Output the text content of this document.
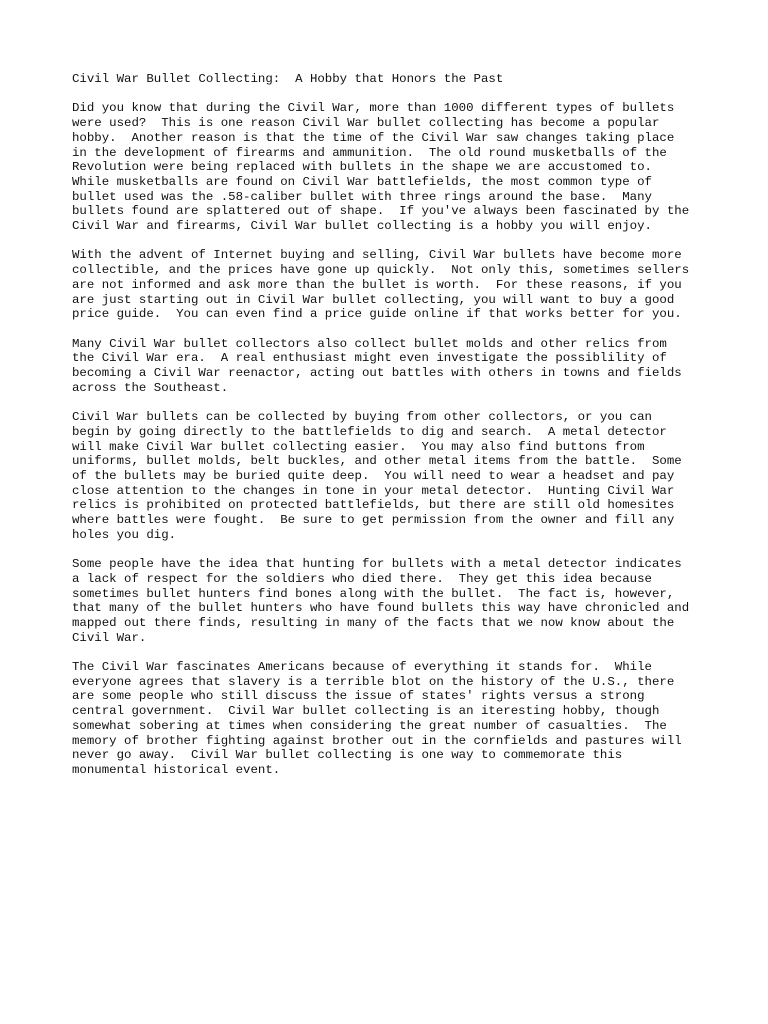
Civil War Bullet Collecting:  A Hobby that Honors the Past
Did you know that during the Civil War, more than 1000 different types of bullets
were used?  This is one reason Civil War bullet collecting has become a popular
hobby.  Another reason is that the time of the Civil War saw changes taking place
in the development of firearms and ammunition.  The old round musketballs of the
Revolution were being replaced with bullets in the shape we are accustomed to.
While musketballs are found on Civil War battlefields, the most common type of
bullet used was the .58-caliber bullet with three rings around the base.  Many
bullets found are splattered out of shape.  If you've always been fascinated by the
Civil War and firearms, Civil War bullet collecting is a hobby you will enjoy.
With the advent of Internet buying and selling, Civil War bullets have become more
collectible, and the prices have gone up quickly.  Not only this, sometimes sellers
are not informed and ask more than the bullet is worth.  For these reasons, if you
are just starting out in Civil War bullet collecting, you will want to buy a good
price guide.  You can even find a price guide online if that works better for you.
Many Civil War bullet collectors also collect bullet molds and other relics from
the Civil War era.  A real enthusiast might even investigate the possiblility of
becoming a Civil War reenactor, acting out battles with others in towns and fields
across the Southeast.
Civil War bullets can be collected by buying from other collectors, or you can
begin by going directly to the battlefields to dig and search.  A metal detector
will make Civil War bullet collecting easier.  You may also find buttons from
uniforms, bullet molds, belt buckles, and other metal items from the battle.  Some
of the bullets may be buried quite deep.  You will need to wear a headset and pay
close attention to the changes in tone in your metal detector.  Hunting Civil War
relics is prohibited on protected battlefields, but there are still old homesites
where battles were fought.  Be sure to get permission from the owner and fill any
holes you dig.
Some people have the idea that hunting for bullets with a metal detector indicates
a lack of respect for the soldiers who died there.  They get this idea because
sometimes bullet hunters find bones along with the bullet.  The fact is, however,
that many of the bullet hunters who have found bullets this way have chronicled and
mapped out there finds, resulting in many of the facts that we now know about the
Civil War.
The Civil War fascinates Americans because of everything it stands for.  While
everyone agrees that slavery is a terrible blot on the history of the U.S., there
are some people who still discuss the issue of states' rights versus a strong
central government.  Civil War bullet collecting is an iteresting hobby, though
somewhat sobering at times when considering the great number of casualties.  The
memory of brother fighting against brother out in the cornfields and pastures will
never go away.  Civil War bullet collecting is one way to commemorate this
monumental historical event.
